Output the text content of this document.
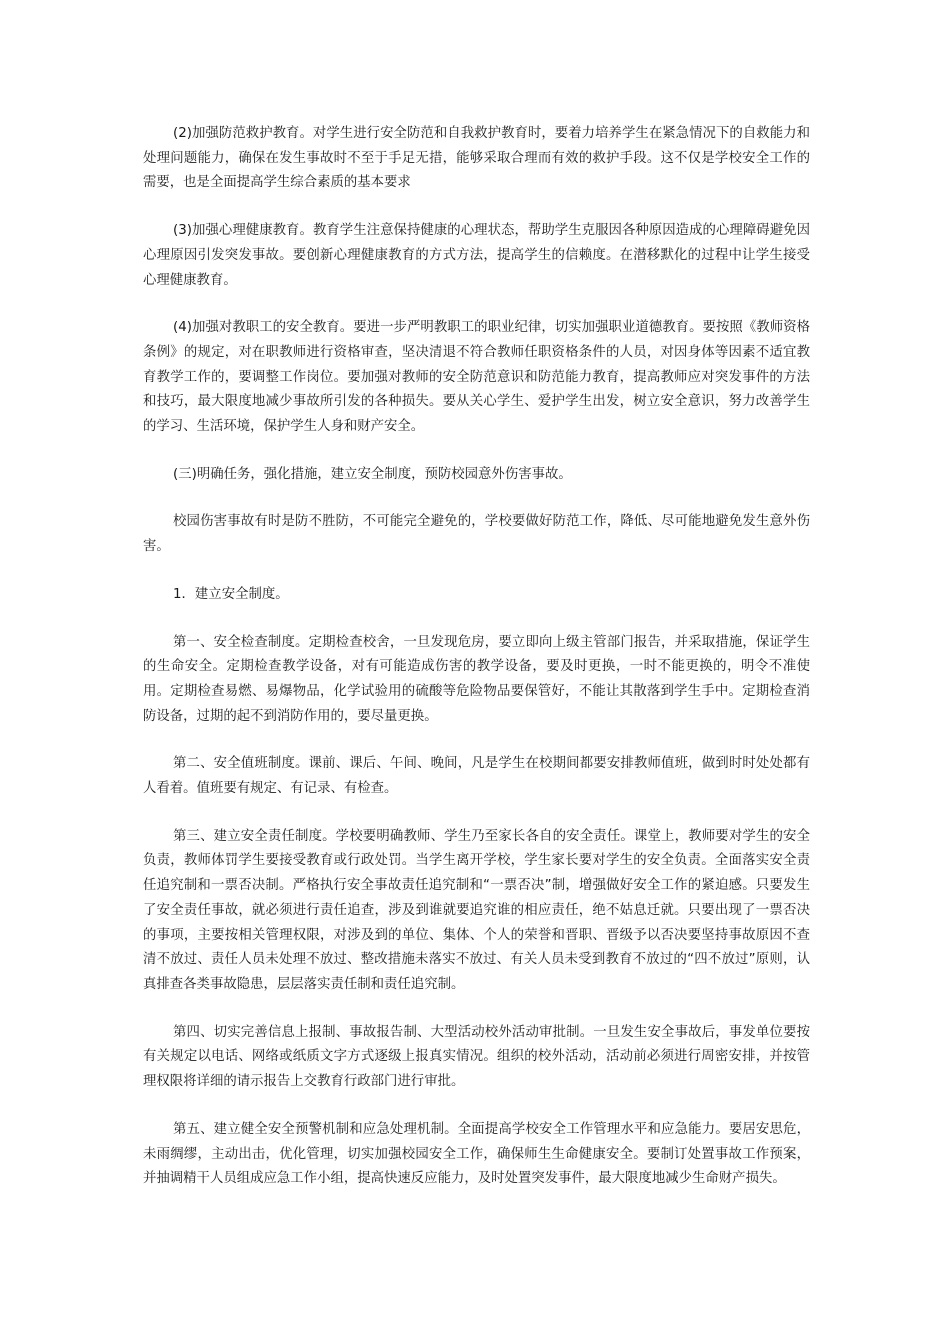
(2)加强防范救护教育。对学生进行安全防范和自我救护教育时，要着力培养学生在紧急情况下的自救能力和处理问题能力，确保在发生事故时不至于手足无措，能够采取合理而有效的救护手段。这不仅是学校安全工作的需要，也是全面提高学生综合素质的基本要求

(3)加强心理健康教育。教育学生注意保持健康的心理状态，帮助学生克服因各种原因造成的心理障碍避免因心理原因引发突发事故。要创新心理健康教育的方式方法，提高学生的信赖度。在潜移默化的过程中让学生接受心理健康教育。

(4)加强对教职工的安全教育。要进一步严明教职工的职业纪律，切实加强职业道德教育。要按照《教师资格条例》的规定，对在职教师进行资格审查，坚决清退不符合教师任职资格条件的人员，对因身体等因素不适宜教育教学工作的，要调整工作岗位。要加强对教师的安全防范意识和防范能力教育，提高教师应对突发事件的方法和技巧，最大限度地减少事故所引发的各种损失。要从关心学生、爱护学生出发，树立安全意识，努力改善学生的学习、生活环境，保护学生人身和财产安全。

(三)明确任务，强化措施，建立安全制度，预防校园意外伤害事故。

校园伤害事故有时是防不胜防，不可能完全避免的，学校要做好防范工作，降低、尽可能地避免发生意外伤害。

1．建立安全制度。

第一、安全检查制度。定期检查校舍，一旦发现危房，要立即向上级主管部门报告，并采取措施，保证学生的生命安全。定期检查教学设备，对有可能造成伤害的教学设备，要及时更换，一时不能更换的，明令不准使用。定期检查易燃、易爆物品，化学试验用的硫酸等危险物品要保管好，不能让其散落到学生手中。定期检查消防设备，过期的起不到消防作用的，要尽量更换。

第二、安全值班制度。课前、课后、午间、晚间，凡是学生在校期间都要安排教师值班，做到时时处处都有人看着。值班要有规定、有记录、有检查。

第三、建立安全责任制度。学校要明确教师、学生乃至家长各自的安全责任。课堂上，教师要对学生的安全负责，教师体罚学生要接受教育或行政处罚。当学生离开学校，学生家长要对学生的安全负责。全面落实安全责任追究制和一票否决制。严格执行安全事故责任追究制和“一票否决”制，增强做好安全工作的紧迫感。只要发生了安全责任事故，就必须进行责任追查，涉及到谁就要追究谁的相应责任，绝不姑息迁就。只要出现了一票否决的事项，主要按相关管理权限，对涉及到的单位、集体、个人的荣誉和晋职、晋级予以否决要坚持事故原因不查清不放过、责任人员未处理不放过、整改措施未落实不放过、有关人员未受到教育不放过的“四不放过”原则，认真排查各类事故隐患，层层落实责任制和责任追究制。

第四、切实完善信息上报制、事故报告制、大型活动校外活动审批制。一旦发生安全事故后，事发单位要按有关规定以电话、网络或纸质文字方式逐级上报真实情况。组织的校外活动，活动前必须进行周密安排，并按管理权限将详细的请示报告上交教育行政部门进行审批。

第五、建立健全安全预警机制和应急处理机制。全面提高学校安全工作管理水平和应急能力。要居安思危，未雨绸缪，主动出击，优化管理，切实加强校园安全工作，确保师生生命健康安全。要制订处置事故工作预案，并抽调精干人员组成应急工作小组，提高快速反应能力，及时处置突发事件，最大限度地减少生命财产损失。
